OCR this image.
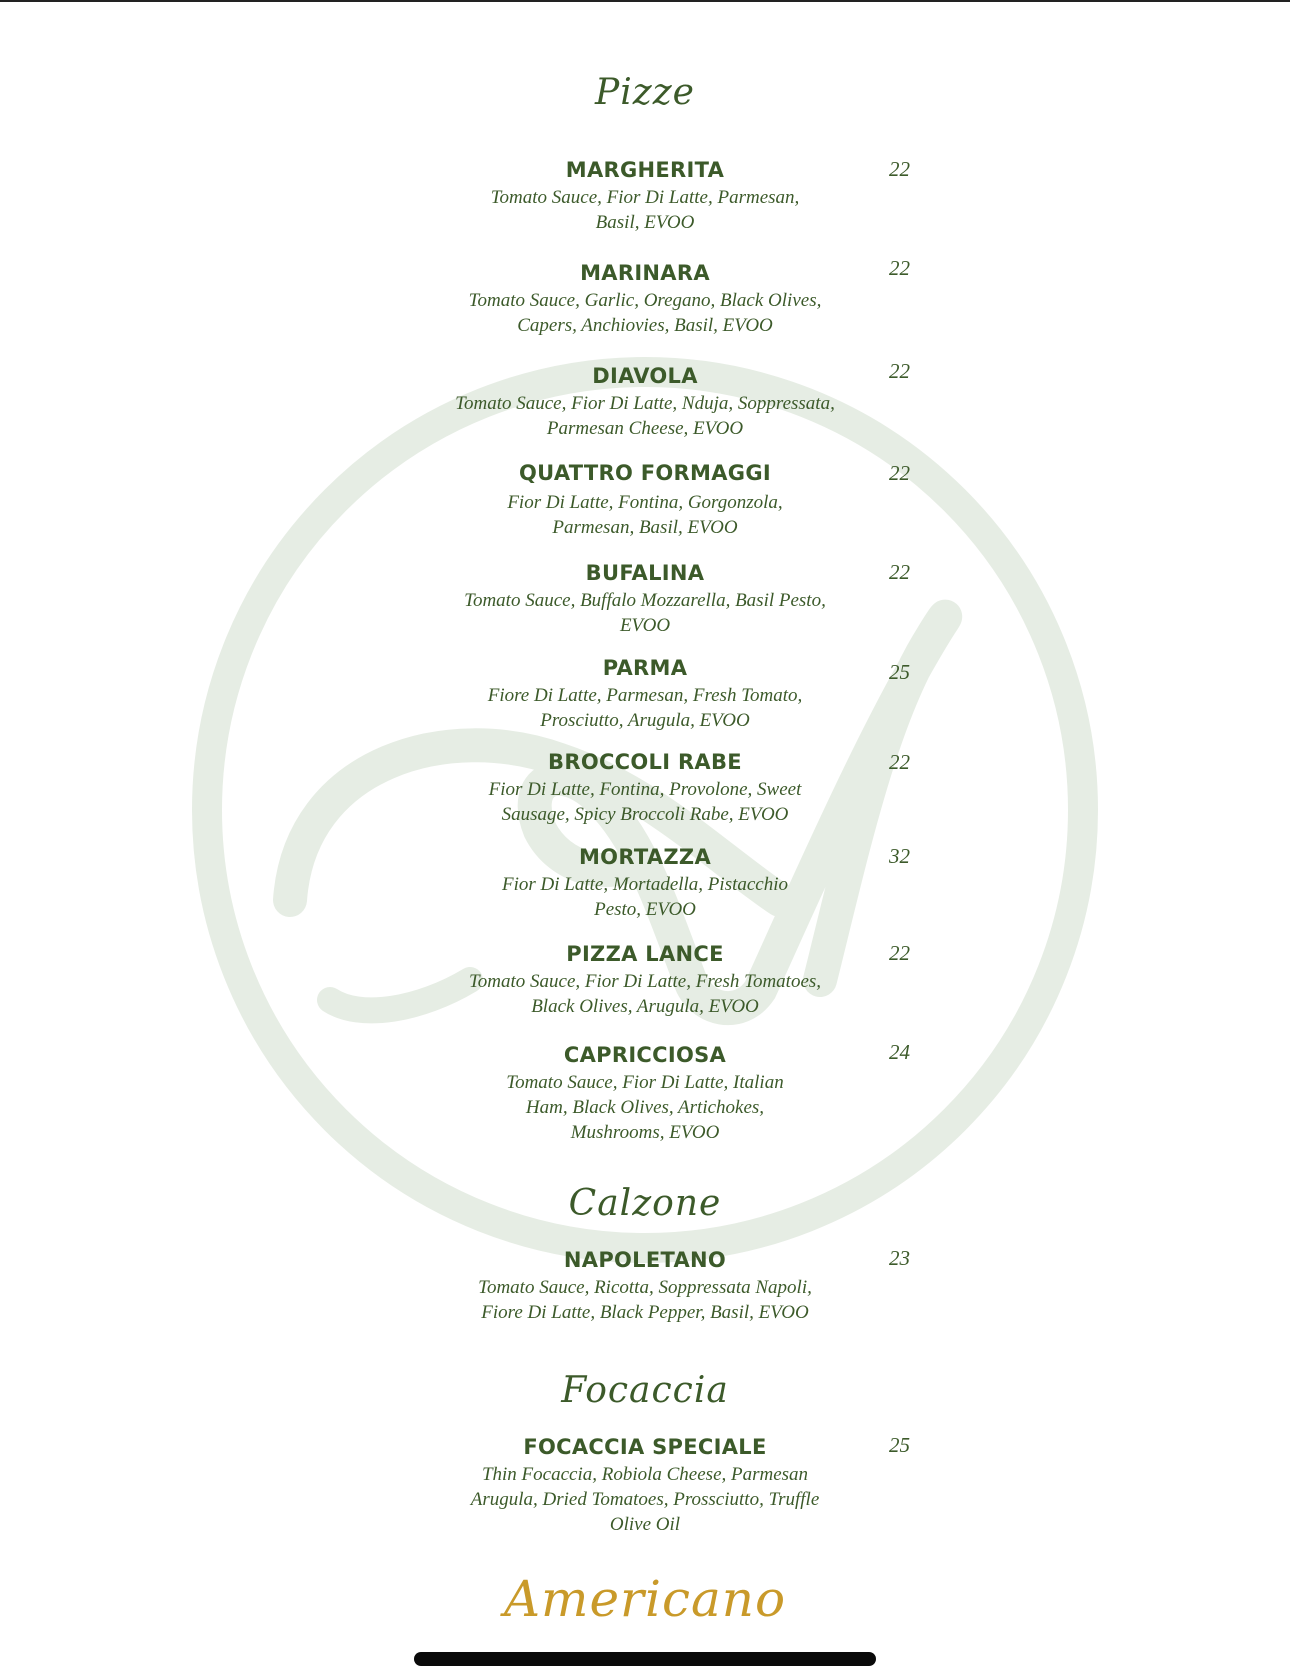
Pizze
MARGHERITA
Tomato Sauce, Fior Di Latte, Parmesan,
Basil, EVOO
22
MARINARA
Tomato Sauce, Garlic, Oregano, Black Olives,
Capers, Anchiovies, Basil, EVOO
22
DIAVOLA
Tomato Sauce, Fior Di Latte, Nduja, Soppressata,
Parmesan Cheese, EVOO
22
QUATTRO FORMAGGI
Fior Di Latte, Fontina, Gorgonzola,
Parmesan, Basil, EVOO
22
BUFALINA
Tomato Sauce, Buffalo Mozzarella, Basil Pesto,
EVOO
22
PARMA
Fiore Di Latte, Parmesan, Fresh Tomato,
Prosciutto, Arugula, EVOO
25
BROCCOLI RABE
Fior Di Latte, Fontina, Provolone, Sweet
Sausage, Spicy Broccoli Rabe, EVOO
22
MORTAZZA
Fior Di Latte, Mortadella, Pistacchio
Pesto, EVOO
32
PIZZA LANCE
Tomato Sauce, Fior Di Latte, Fresh Tomatoes,
Black Olives, Arugula, EVOO
22
CAPRICCIOSA
Tomato Sauce, Fior Di Latte, Italian
Ham, Black Olives, Artichokes,
Mushrooms, EVOO
24
Calzone
NAPOLETANO
Tomato Sauce, Ricotta, Soppressata Napoli,
Fiore Di Latte, Black Pepper, Basil, EVOO
23
Focaccia
FOCACCIA SPECIALE
Thin Focaccia, Robiola Cheese, Parmesan
Arugula, Dried Tomatoes, Prossciutto, Truffle
Olive Oil
25
Americano
